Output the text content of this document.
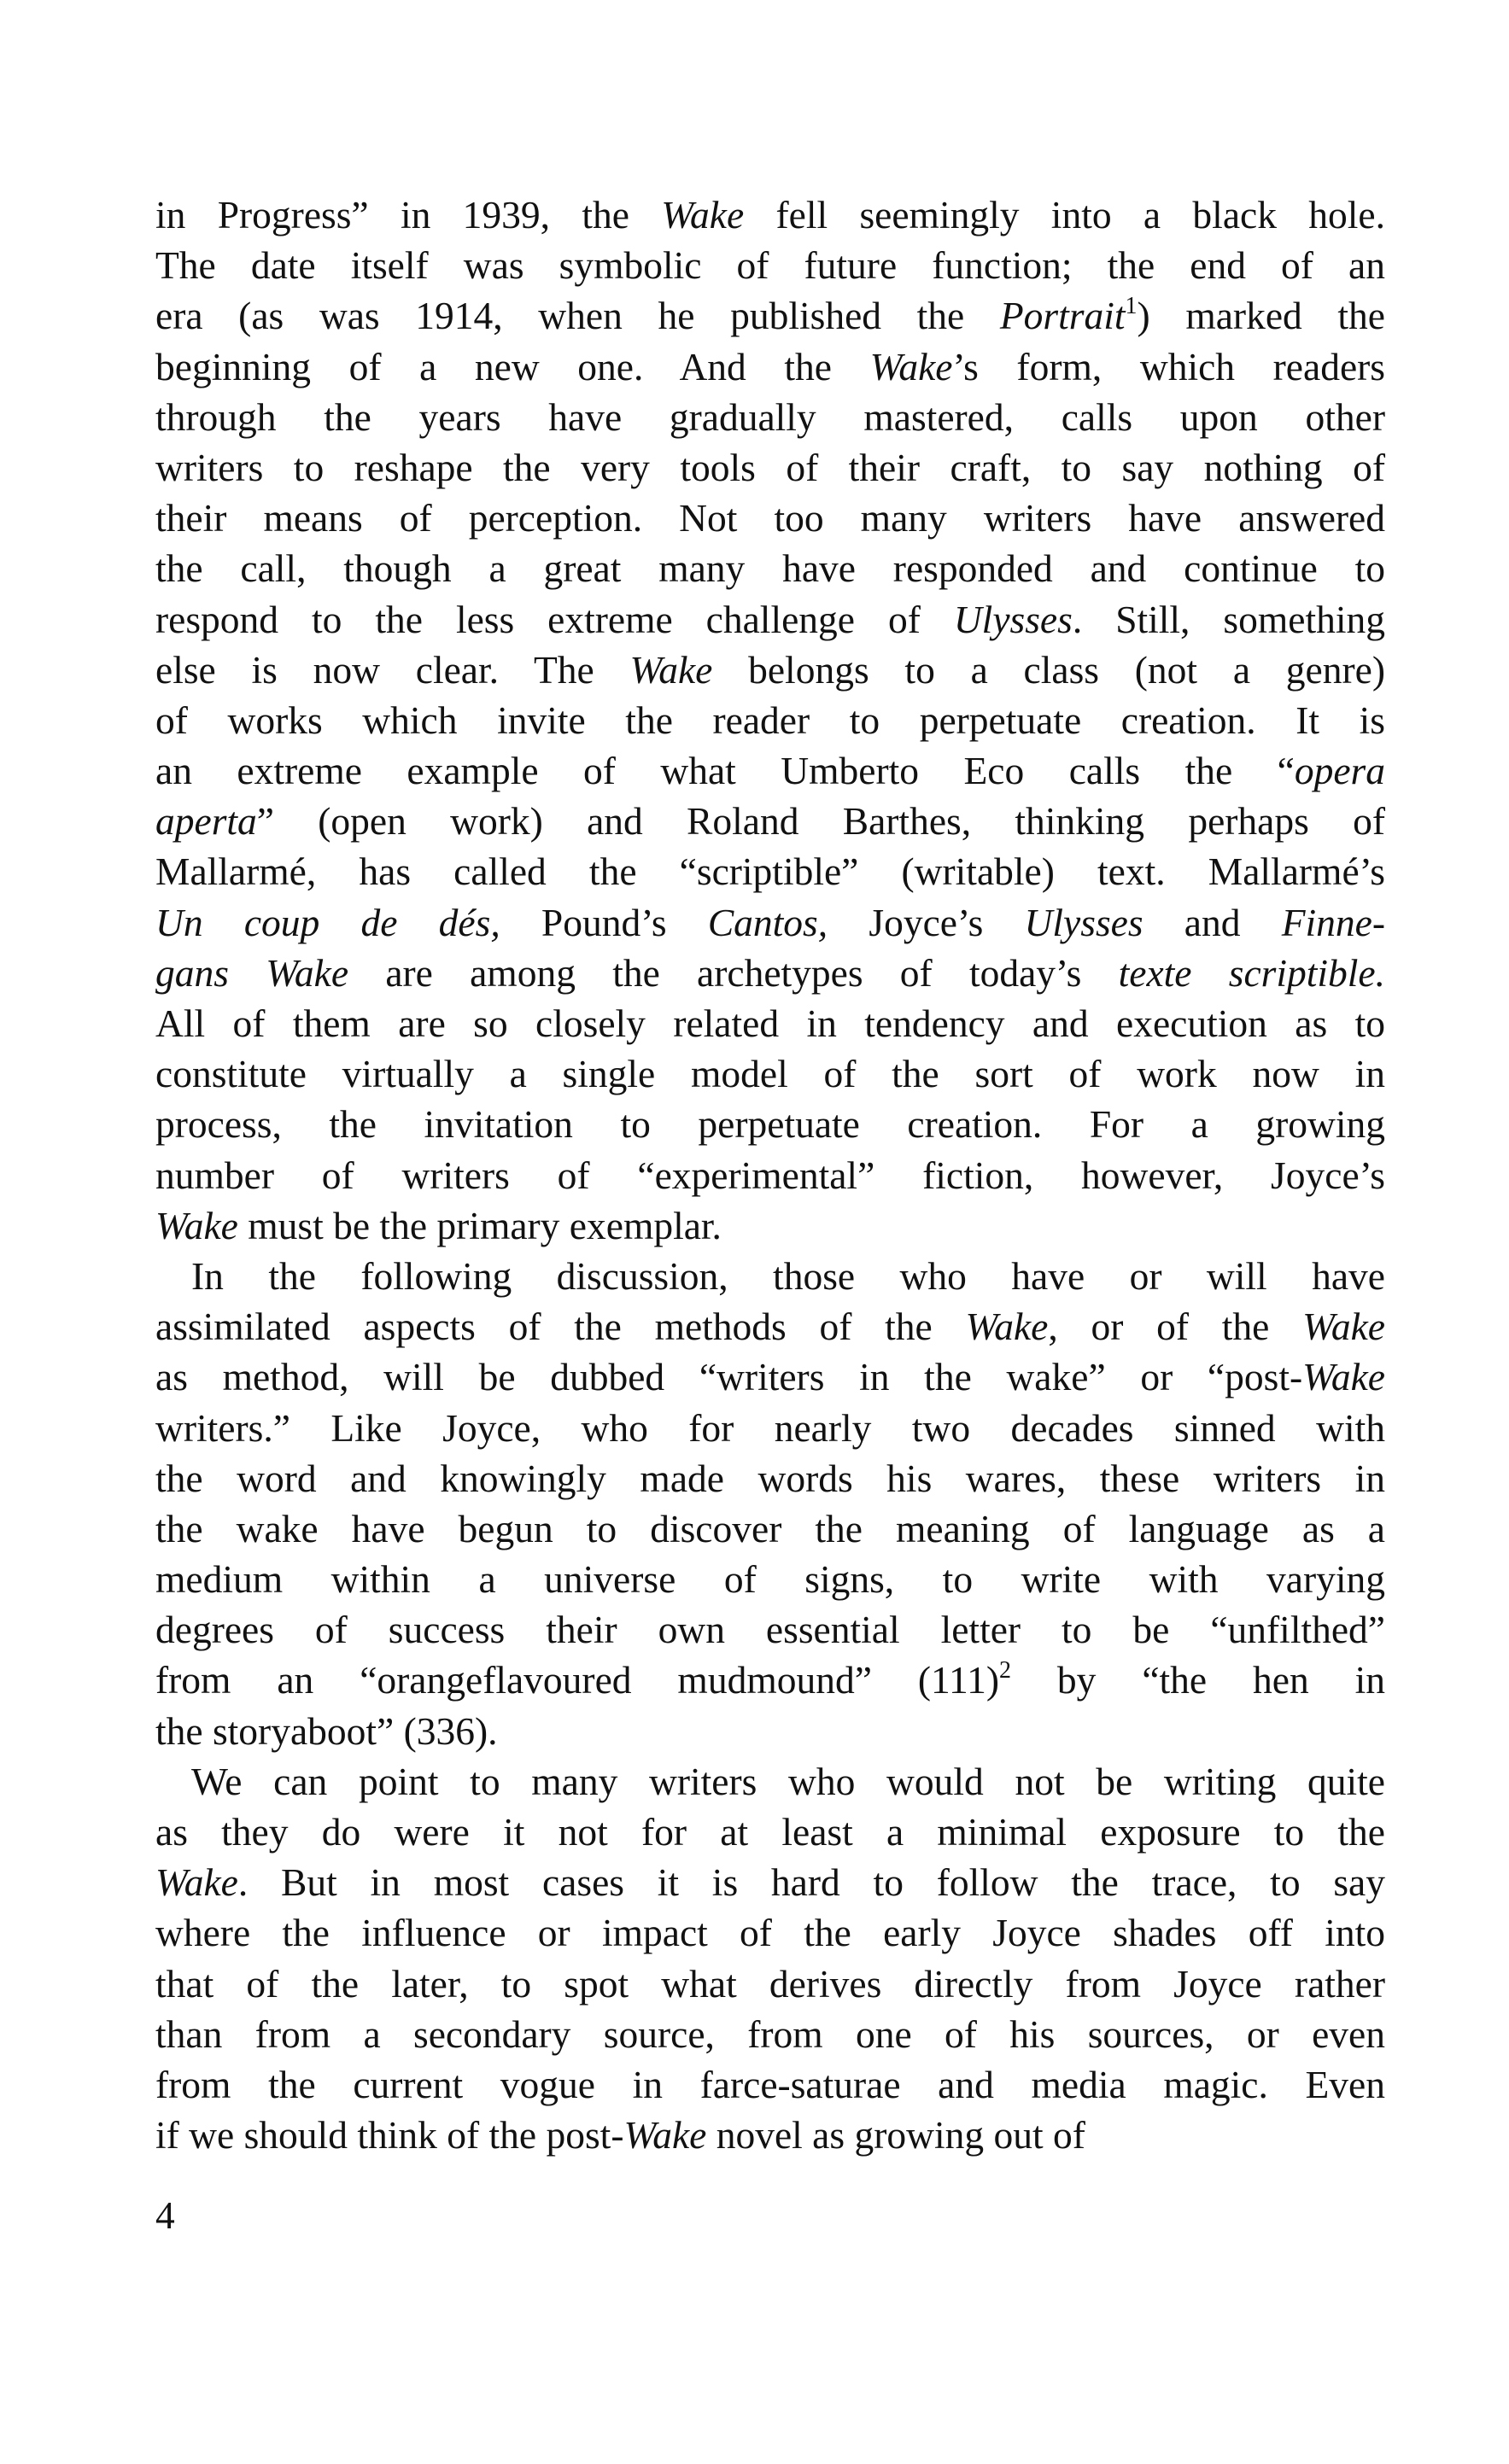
in Progress” in 1939, the Wake fell seemingly into a black hole.
The date itself was symbolic of future function; the end of an
era (as was 1914, when he published the Portrait$^1$) marked the
beginning of a new one. And the Wake’s form, which readers
through the years have gradually mastered, calls upon other
writers to reshape the very tools of their craft, to say nothing of
their means of perception. Not too many writers have answered
the call, though a great many have responded and continue to
respond to the less extreme challenge of Ulysses. Still, something
else is now clear. The Wake belongs to a class (not a genre)
of works which invite the reader to perpetuate creation. It is
an extreme example of what Umberto Eco calls the “opera
aperta” (open work) and Roland Barthes, thinking perhaps of
Mallarmé, has called the “scriptible” (writable) text. Mallarmé’s
Un coup de dés, Pound’s Cantos, Joyce’s Ulysses and Finne-
gans Wake are among the archetypes of today’s texte scriptible.
All of them are so closely related in tendency and execution as to
constitute virtually a single model of the sort of work now in
process, the invitation to perpetuate creation. For a growing
number of writers of “experimental” fiction, however, Joyce’s
Wake must be the primary exemplar.
In the following discussion, those who have or will have
assimilated aspects of the methods of the Wake, or of the Wake
as method, will be dubbed “writers in the wake” or “post-Wake
writers.” Like Joyce, who for nearly two decades sinned with
the word and knowingly made words his wares, these writers in
the wake have begun to discover the meaning of language as a
medium within a universe of signs, to write with varying
degrees of success their own essential letter to be “unfilthed”
from an “orangeflavoured mudmound” $(111)^2$ by “the hen in
the storyaboot” (336).
We can point to many writers who would not be writing quite
as they do were it not for at least a minimal exposure to the
Wake. But in most cases it is hard to follow the trace, to say
where the influence or impact of the early Joyce shades off into
that of the later, to spot what derives directly from Joyce rather
than from a secondary source, from one of his sources, or even
from the current vogue in farce-saturae and media magic. Even
if we should think of the post-Wake novel as growing out of
4
